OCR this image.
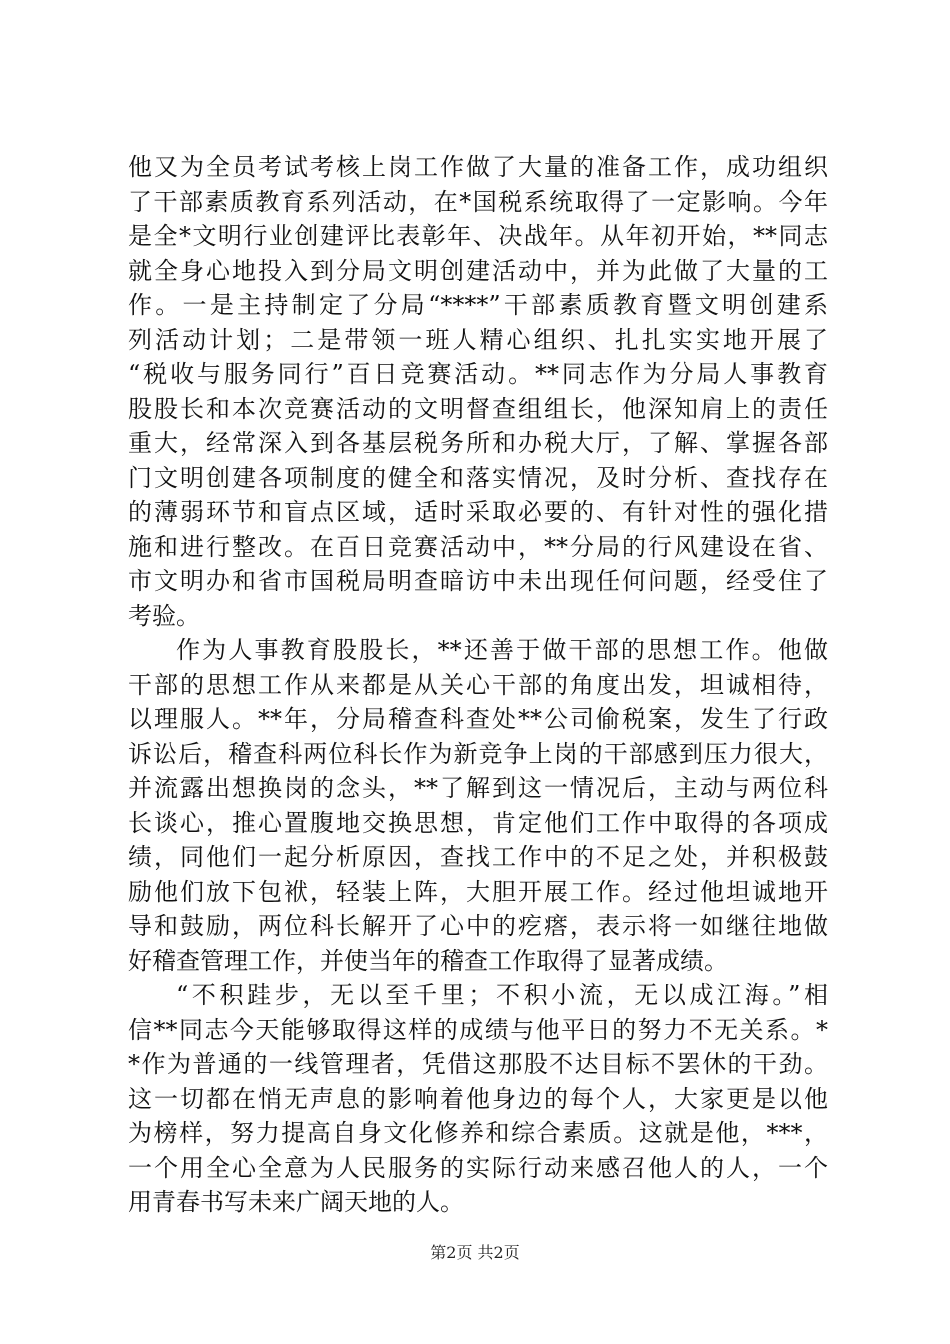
他又为全员考试考核上岗工作做了大量的准备工作，成功组织
了干部素质教育系列活动，在*国税系统取得了一定影响。今年
是全*文明行业创建评比表彰年、决战年。从年初开始，**同志
就全身心地投入到分局文明创建活动中，并为此做了大量的工
作。一是主持制定了分局“****”干部素质教育暨文明创建系
列活动计划；二是带领一班人精心组织、扎扎实实地开展了
“税收与服务同行”百日竞赛活动。**同志作为分局人事教育
股股长和本次竞赛活动的文明督查组组长，他深知肩上的责任
重大，经常深入到各基层税务所和办税大厅，了解、掌握各部
门文明创建各项制度的健全和落实情况，及时分析、查找存在
的薄弱环节和盲点区域，适时采取必要的、有针对性的强化措
施和进行整改。在百日竞赛活动中，**分局的行风建设在省、
市文明办和省市国税局明查暗访中未出现任何问题，经受住了
考验。
作为人事教育股股长，**还善于做干部的思想工作。他做
干部的思想工作从来都是从关心干部的角度出发，坦诚相待，
以理服人。**年，分局稽查科查处**公司偷税案，发生了行政
诉讼后，稽查科两位科长作为新竞争上岗的干部感到压力很大，
并流露出想换岗的念头，**了解到这一情况后，主动与两位科
长谈心，推心置腹地交换思想，肯定他们工作中取得的各项成
绩，同他们一起分析原因，查找工作中的不足之处，并积极鼓
励他们放下包袱，轻装上阵，大胆开展工作。经过他坦诚地开
导和鼓励，两位科长解开了心中的疙瘩，表示将一如继往地做
好稽查管理工作，并使当年的稽查工作取得了显著成绩。
“不积跬步，无以至千里；不积小流，无以成江海。”相
信**同志今天能够取得这样的成绩与他平日的努力不无关系。*
*作为普通的一线管理者，凭借这那股不达目标不罢休的干劲。
这一切都在悄无声息的影响着他身边的每个人，大家更是以他
为榜样，努力提高自身文化修养和综合素质。这就是他，***，
一个用全心全意为人民服务的实际行动来感召他人的人，一个
用青春书写未来广阔天地的人。
第2页 共2页
